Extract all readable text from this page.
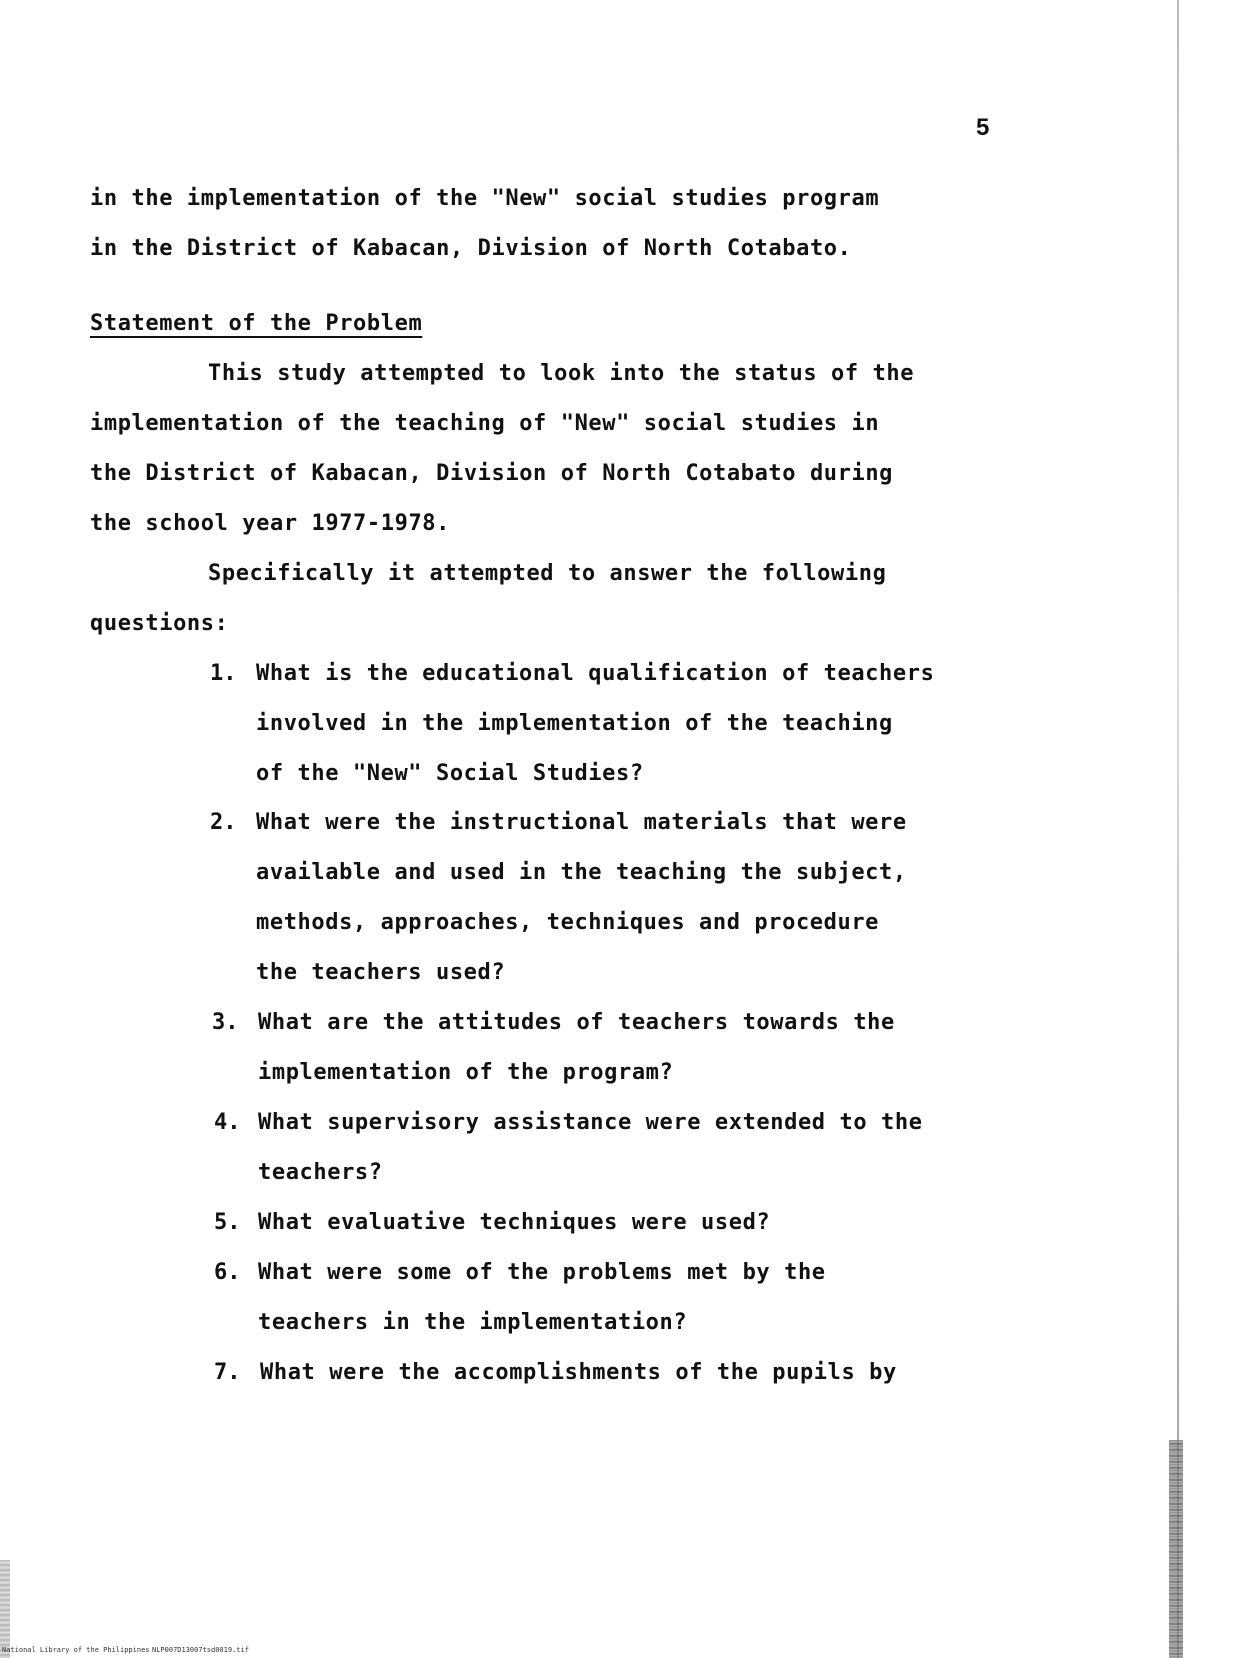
5
in the implementation of the "New" social studies program
in the District of Kabacan, Division of North Cotabato.
Statement of the Problem
This study attempted to look into the status of the
implementation of the teaching of "New" social studies in
the District of Kabacan, Division of North Cotabato during
the school year 1977-1978.
Specifically it attempted to answer the following
questions:
1. What is the educational qualification of teachers
involved in the implementation of the teaching
of the "New" Social Studies?
2. What were the instructional materials that were
available and used in the teaching the subject,
methods, approaches, techniques and procedure
the teachers used?
3. What are the attitudes of teachers towards the
implementation of the program?
4. What supervisory assistance were extended to the
teachers?
5. What evaluative techniques were used?
6. What were some of the problems met by the
teachers in the implementation?
7. What were the accomplishments of the pupils by
National Library of the Philippines NLP007D13007tsd0019.tif
